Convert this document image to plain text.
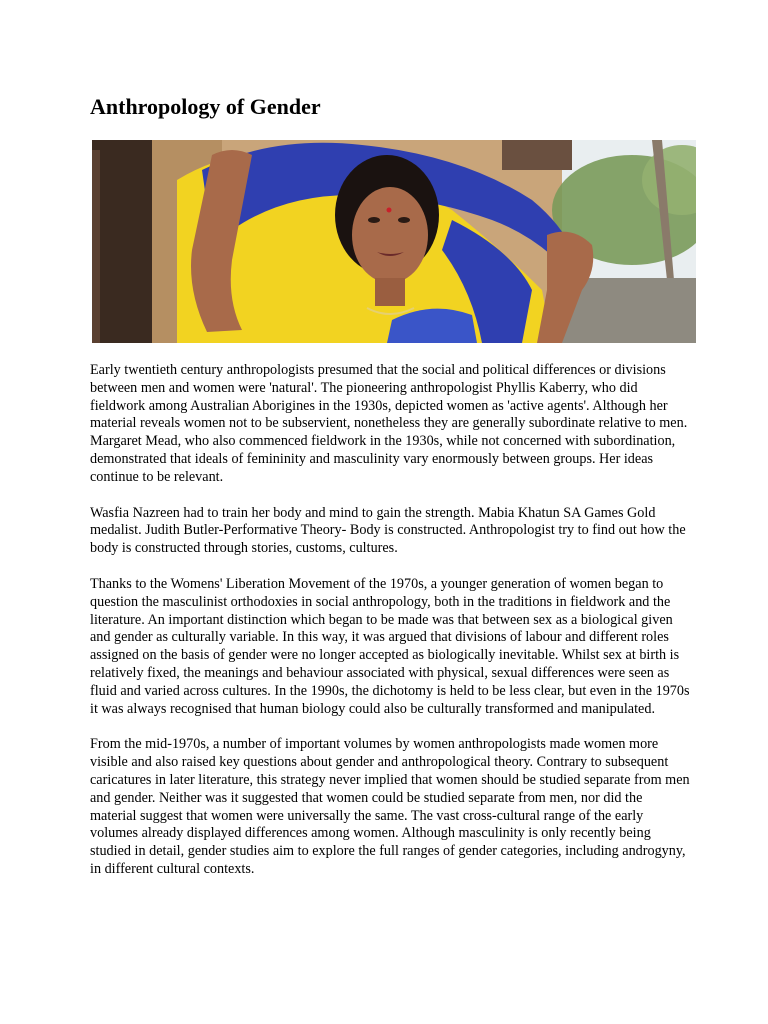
Anthropology of Gender

Early twentieth century anthropologists presumed that the social and political differences or divisions between men and women were 'natural'. The pioneering anthropologist Phyllis Kaberry, who did fieldwork among Australian Aborigines in the 1930s, depicted women as 'active agents'. Although her material reveals women not to be subservient, nonetheless they are generally subordinate relative to men. Margaret Mead, who also commenced fieldwork in the 1930s, while not concerned with subordination, demonstrated that ideals of femininity and masculinity vary enormously between groups. Her ideas continue to be relevant.

Wasfia Nazreen had to train her body and mind to gain the strength. Mabia Khatun SA Games Gold medalist. Judith Butler-Performative Theory- Body is constructed. Anthropologist try to find out how the body is constructed through stories, customs, cultures.

Thanks to the Womens' Liberation Movement of the 1970s, a younger generation of women began to question the masculinist orthodoxies in social anthropology, both in the traditions in fieldwork and the literature. An important distinction which began to be made was that between sex as a biological given and gender as culturally variable. In this way, it was argued that divisions of labour and different roles assigned on the basis of gender were no longer accepted as biologically inevitable. Whilst sex at birth is relatively fixed, the meanings and behaviour associated with physical, sexual differences were seen as fluid and varied across cultures. In the 1990s, the dichotomy is held to be less clear, but even in the 1970s it was always recognised that human biology could also be culturally transformed and manipulated.

From the mid-1970s, a number of important volumes by women anthropologists made women more visible and also raised key questions about gender and anthropological theory. Contrary to subsequent caricatures in later literature, this strategy never implied that women should be studied separate from men and gender. Neither was it suggested that women could be studied separate from men, nor did the material suggest that women were universally the same. The vast cross-cultural range of the early volumes already displayed differences among women. Although masculinity is only recently being studied in detail, gender studies aim to explore the full ranges of gender categories, including androgyny, in different cultural contexts.
